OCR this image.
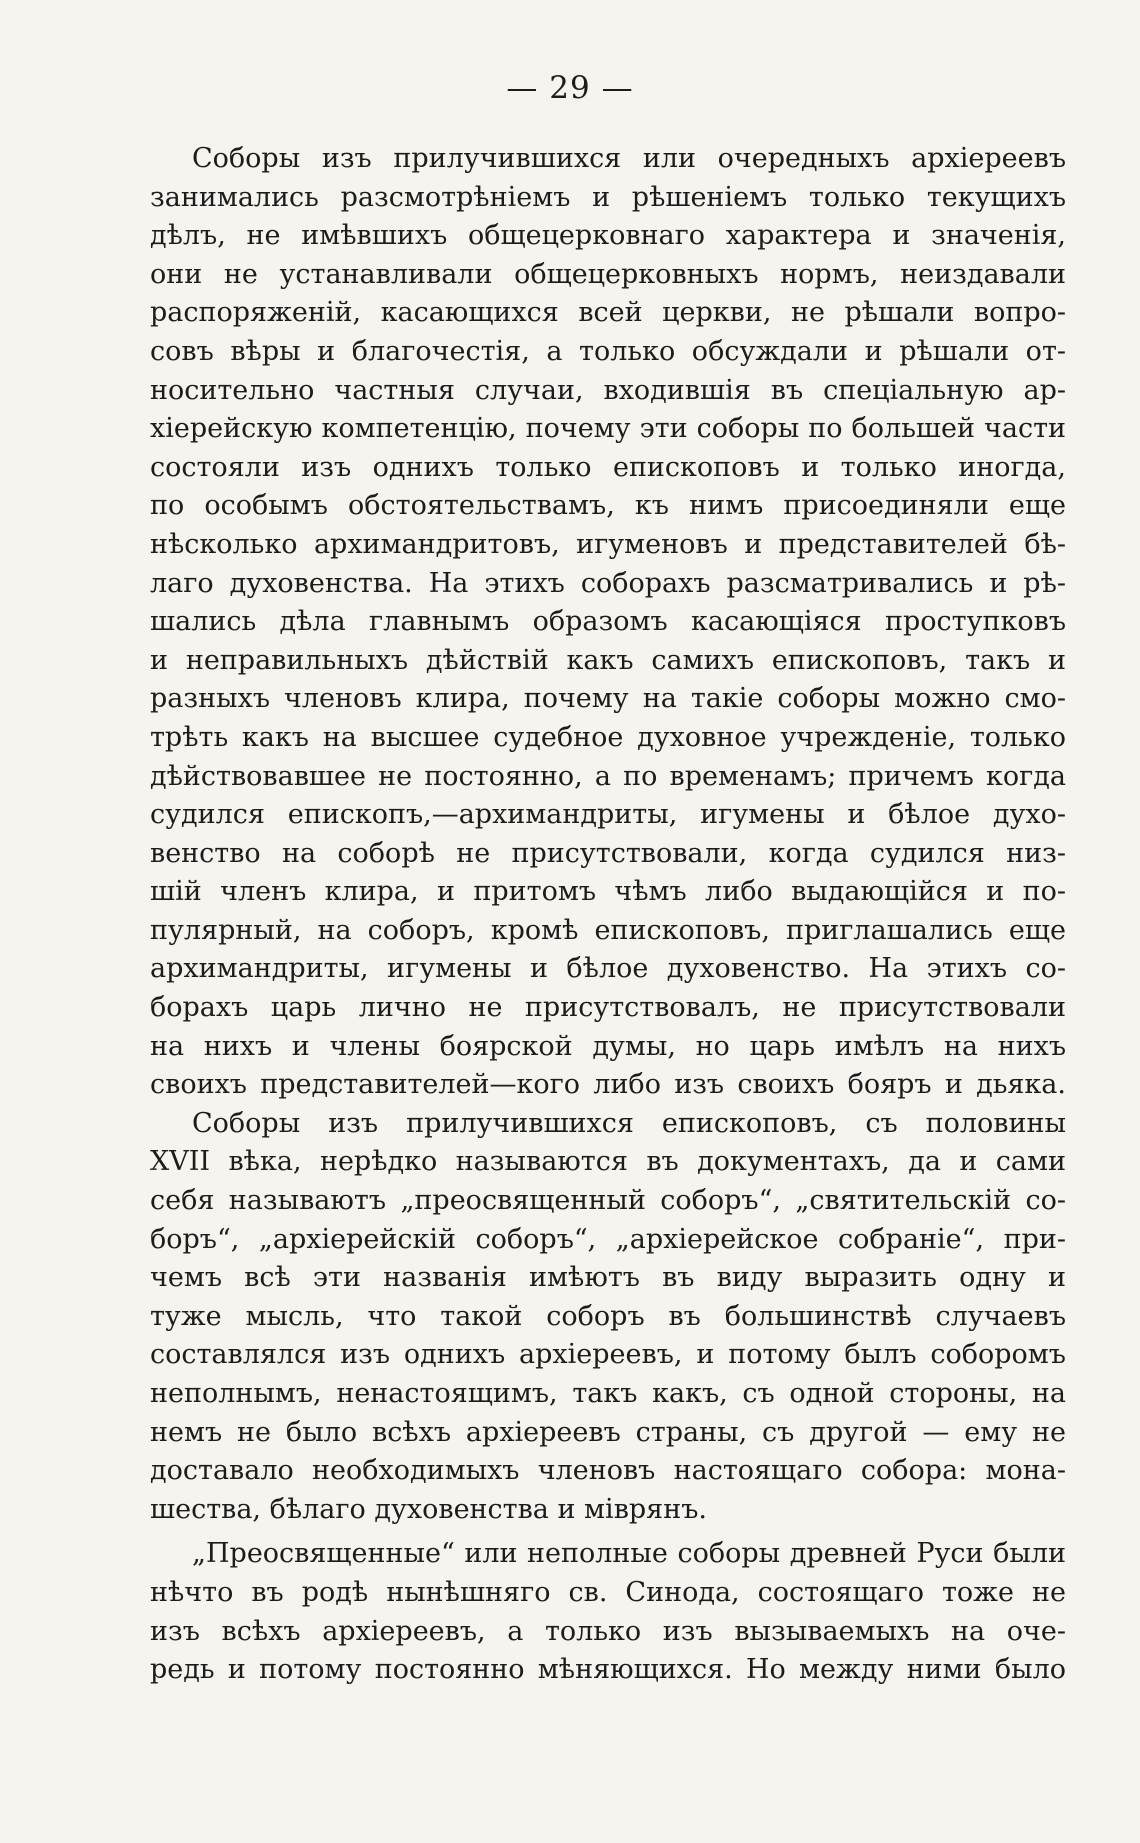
— 29 —
Соборы изъ прилучившихся или очередныхъ архіереевъ
занимались разсмотрѣніемъ и рѣшеніемъ только текущихъ
дѣлъ, не имѣвшихъ общецерковнаго характера и значенія,
они не устанавливали общецерковныхъ нормъ, неиздавали
распоряженій, касающихся всей церкви, не рѣшали вопро-
совъ вѣры и благочестія, а только обсуждали и рѣшали от-
носительно частныя случаи, входившія въ спеціальную ар-
хіерейскую компетенцію, почему эти соборы по большей части
состояли изъ однихъ только епископовъ и только иногда,
по особымъ обстоятельствамъ, къ нимъ присоединяли еще
нѣсколько архимандритовъ, игуменовъ и представителей бѣ-
лаго духовенства. На этихъ соборахъ разсматривались и рѣ-
шались дѣла главнымъ образомъ касающіяся проступковъ
и неправильныхъ дѣйствій какъ самихъ епископовъ, такъ и
разныхъ членовъ клира, почему на такіе соборы можно смо-
трѣть какъ на высшее судебное духовное учрежденіе, только
дѣйствовавшее не постоянно, а по временамъ; причемъ когда
судился епископъ,—архимандриты, игумены и бѣлое духо-
венство на соборѣ не присутствовали, когда судился низ-
шій членъ клира, и притомъ чѣмъ либо выдающійся и по-
пулярный, на соборъ, кромѣ епископовъ, приглашались еще
архимандриты, игумены и бѣлое духовенство. На этихъ со-
борахъ царь лично не присутствовалъ, не присутствовали
на нихъ и члены боярской думы, но царь имѣлъ на нихъ
своихъ представителей—кого либо изъ своихъ бояръ и дьяка.
Соборы изъ прилучившихся епископовъ, съ половины
XVII вѣка, нерѣдко называются въ документахъ, да и сами
себя называютъ „преосвященный соборъ“, „святительскій со-
боръ“, „архіерейскій соборъ“, „архіерейское собраніе“, при-
чемъ всѣ эти названія имѣютъ въ виду выразить одну и
туже мысль, что такой соборъ въ большинствѣ случаевъ
составлялся изъ однихъ архіереевъ, и потому былъ соборомъ
неполнымъ, ненастоящимъ, такъ какъ, съ одной стороны, на
немъ не было всѣхъ архіереевъ страны, съ другой — ему не
доставало необходимыхъ членовъ настоящаго собора: мона-
шества, бѣлаго духовенства и міврянъ.
„Преосвященные“ или неполные соборы древней Руси были
нѣчто въ родѣ нынѣшняго св. Синода, состоящаго тоже не
изъ всѣхъ архіереевъ, а только изъ вызываемыхъ на оче-
редь и потому постоянно мѣняющихся. Но между ними было
